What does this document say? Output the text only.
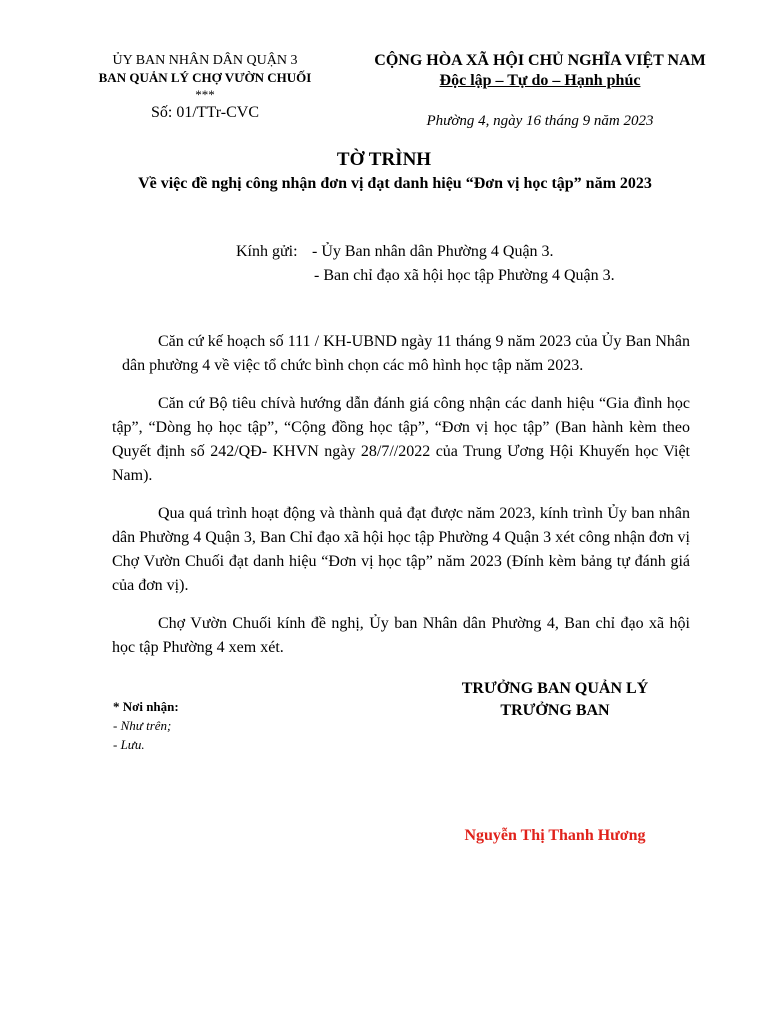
ỦY BAN NHÂN DÂN QUẬN 3
BAN QUẢN LÝ CHỢ VƯỜN CHUỐI
***
Số: 01/TTr-CVC
CỘNG HÒA XÃ HỘI CHỦ NGHĨA VIỆT NAM
Độc lập – Tự do – Hạnh phúc
Phường 4, ngày 16 tháng 9 năm 2023
TỜ TRÌNH
Về việc đề nghị công nhận đơn vị đạt danh hiệu “Đơn vị học tập” năm 2023
Kính gửi: - Ủy Ban nhân dân Phường 4 Quận 3.
- Ban chỉ đạo xã hội học tập Phường 4 Quận 3.

Căn cứ kế hoạch số 111 / KH-UBND ngày 11 tháng 9 năm 2023 của Ủy Ban Nhân dân phường 4 về việc tổ chức bình chọn các mô hình học tập năm 2023.

Căn cứ Bộ tiêu chívà hướng dẫn đánh giá công nhận các danh hiệu “Gia đình học tập”, “Dòng họ học tập”, “Cộng đồng học tập”, “Đơn vị học tập” (Ban hành kèm theo Quyết định số 242/QĐ- KHVN ngày 28/7//2022 của Trung Ương Hội Khuyến học Việt Nam).

Qua quá trình hoạt động và thành quả đạt được năm 2023, kính trình Ủy ban nhân dân Phường 4 Quận 3, Ban Chỉ đạo xã hội học tập Phường 4 Quận 3 xét công nhận đơn vị Chợ Vườn Chuối đạt danh hiệu “Đơn vị học tập” năm 2023 (Đính kèm bảng tự đánh giá của đơn vị).

Chợ Vườn Chuối kính đề nghị, Ủy ban Nhân dân Phường 4, Ban chỉ đạo xã hội học tập Phường 4 xem xét.

* Nơi nhận:
- Như trên;
- Lưu.
TRƯỞNG BAN QUẢN LÝ
TRƯỞNG BAN
Nguyễn Thị Thanh Hương
